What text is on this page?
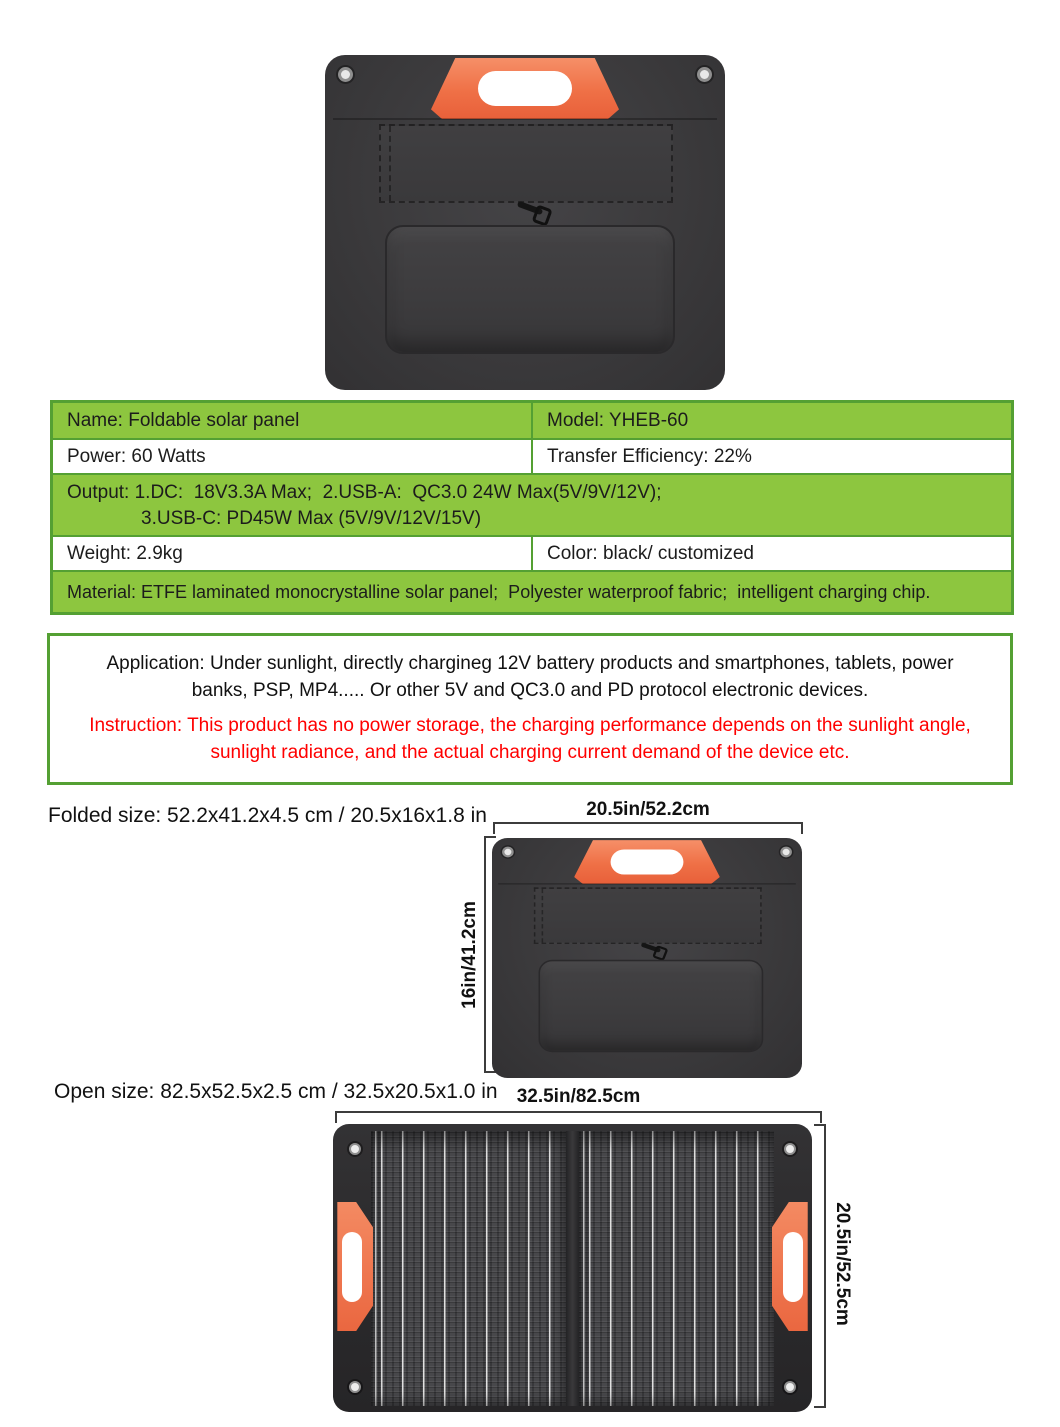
Name: Foldable solar panel	Model: YHEB-60
Power: 60 Watts	Transfer Efficiency: 22%
Output: 1.DC:  18V3.3A Max;  2.USB-A:  QC3.0 24W Max(5V/9V/12V);
3.USB-C: PD45W Max (5V/9V/12V/15V)
Weight: 2.9kg	Color: black/ customized
Material: ETFE laminated monocrystalline solar panel;  Polyester waterproof fabric;  intelligent charging chip.

Application: Under sunlight, directly chargineg 12V battery products and smartphones, tablets, power banks, PSP, MP4..... Or other 5V and QC3.0 and PD protocol electronic devices.

Instruction: This product has no power storage, the charging performance depends on the sunlight angle, sunlight radiance, and the actual charging current demand of the device etc.

Folded size: 52.2x41.2x4.5 cm / 20.5x16x1.8 in	20.5in/52.2cm
16in/41.2cm
Open size: 82.5x52.5x2.5 cm / 32.5x20.5x1.0 in	32.5in/82.5cm
20.5in/52.5cm
